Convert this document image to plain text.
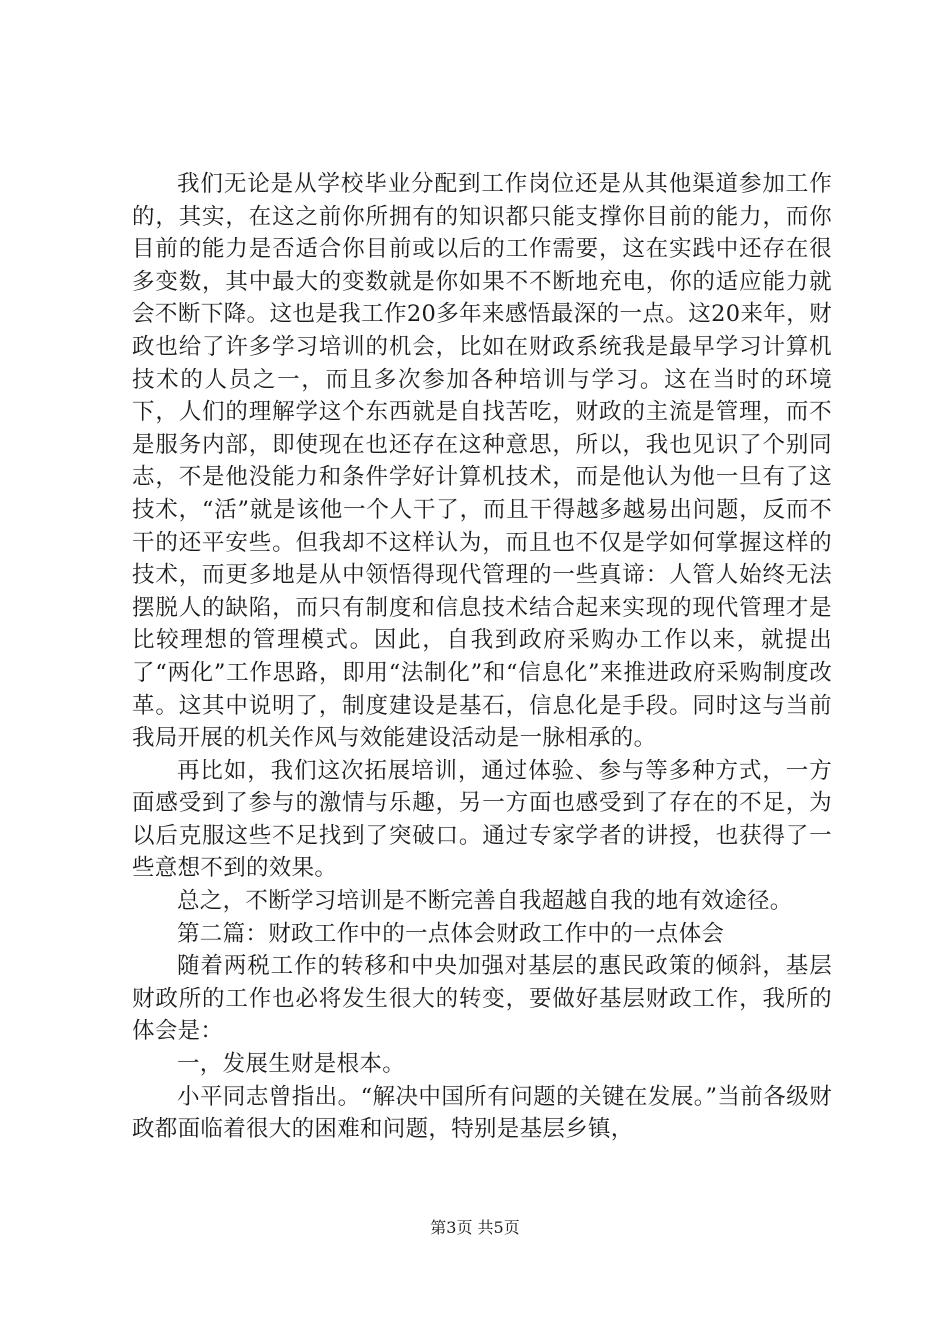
我们无论是从学校毕业分配到工作岗位还是从其他渠道参加工作的，其实，在这之前你所拥有的知识都只能支撑你目前的能力，而你目前的能力是否适合你目前或以后的工作需要，这在实践中还存在很多变数，其中最大的变数就是你如果不不断地充电，你的适应能力就会不断下降。这也是我工作20多年来感悟最深的一点。这20来年，财政也给了许多学习培训的机会，比如在财政系统我是最早学习计算机技术的人员之一，而且多次参加各种培训与学习。这在当时的环境下，人们的理解学这个东西就是自找苦吃，财政的主流是管理，而不是服务内部，即使现在也还存在这种意思，所以，我也见识了个别同志，不是他没能力和条件学好计算机技术，而是他认为他一旦有了这技术，“活”就是该他一个人干了，而且干得越多越易出问题，反而不干的还平安些。但我却不这样认为，而且也不仅是学如何掌握这样的技术，而更多地是从中领悟得现代管理的一些真谛：人管人始终无法摆脱人的缺陷，而只有制度和信息技术结合起来实现的现代管理才是比较理想的管理模式。因此，自我到政府采购办工作以来，就提出了“两化”工作思路，即用“法制化”和“信息化”来推进政府采购制度改革。这其中说明了，制度建设是基石，信息化是手段。同时这与当前我局开展的机关作风与效能建设活动是一脉相承的。

再比如，我们这次拓展培训，通过体验、参与等多种方式，一方面感受到了参与的激情与乐趣，另一方面也感受到了存在的不足，为以后克服这些不足找到了突破口。通过专家学者的讲授，也获得了一些意想不到的效果。

总之，不断学习培训是不断完善自我超越自我的地有效途径。

第二篇：财政工作中的一点体会财政工作中的一点体会

随着两税工作的转移和中央加强对基层的惠民政策的倾斜，基层财政所的工作也必将发生很大的转变，要做好基层财政工作，我所的体会是：

一，发展生财是根本。

小平同志曾指出。“解决中国所有问题的关键在发展。”当前各级财政都面临着很大的困难和问题，特别是基层乡镇，

第3页 共5页
